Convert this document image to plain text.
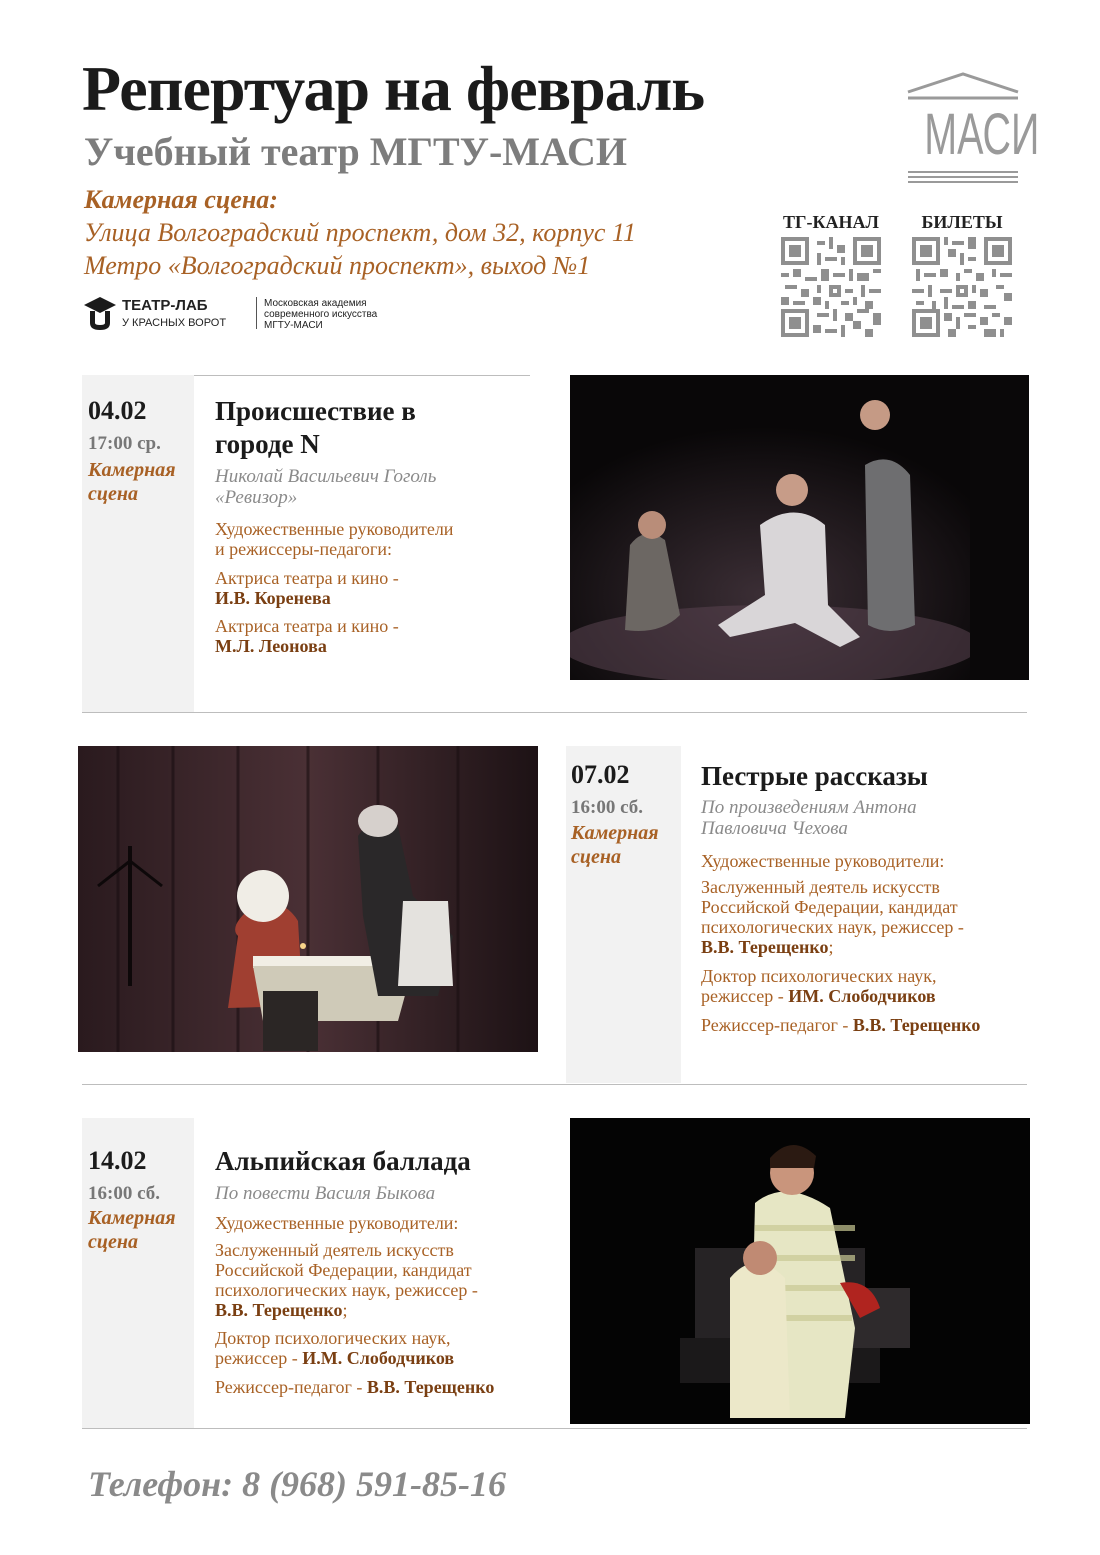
Репертуар на февраль
Учебный театр МГТУ-МАСИ
Камерная сцена:
Улица Волгоградский проспект, дом 32, корпус 11
Метро «Волгоградский проспект», выход №1
ТЕАТР-ЛАБ
У КРАСНЫХ ВОРОТ
Московская академия
современного искусства
МГТУ-МАСИ
МАСИ
ТГ-КАНАЛ	БИЛЕТЫ
04.02
17:00 ср.
Камерная
сцена
Происшествие в
городе N
Николай Васильевич Гоголь
«Ревизор»
Художественные руководители
и режиссеры-педагоги:
Актриса театра и кино -
И.В. Коренева
Актриса театра и кино -
М.Л. Леонова
07.02
16:00 сб.
Камерная
сцена
Пестрые рассказы
По произведениям Антона
Павловича Чехова
Художественные руководители:
Заслуженный деятель искусств
Российской Федерации, кандидат
психологических наук, режиссер -
В.В. Терещенко;
Доктор психологических наук,
режиссер - ИМ. Слободчиков
Режиссер-педагог - В.В. Терещенко
14.02
16:00 сб.
Камерная
сцена
Альпийская баллада
По повести Василя Быкова
Художественные руководители:
Заслуженный деятель искусств
Российской Федерации, кандидат
психологических наук, режиссер -
В.В. Терещенко;
Доктор психологических наук,
режиссер - И.М. Слободчиков
Режиссер-педагог - В.В. Терещенко
Телефон: 8 (968) 591-85-16
